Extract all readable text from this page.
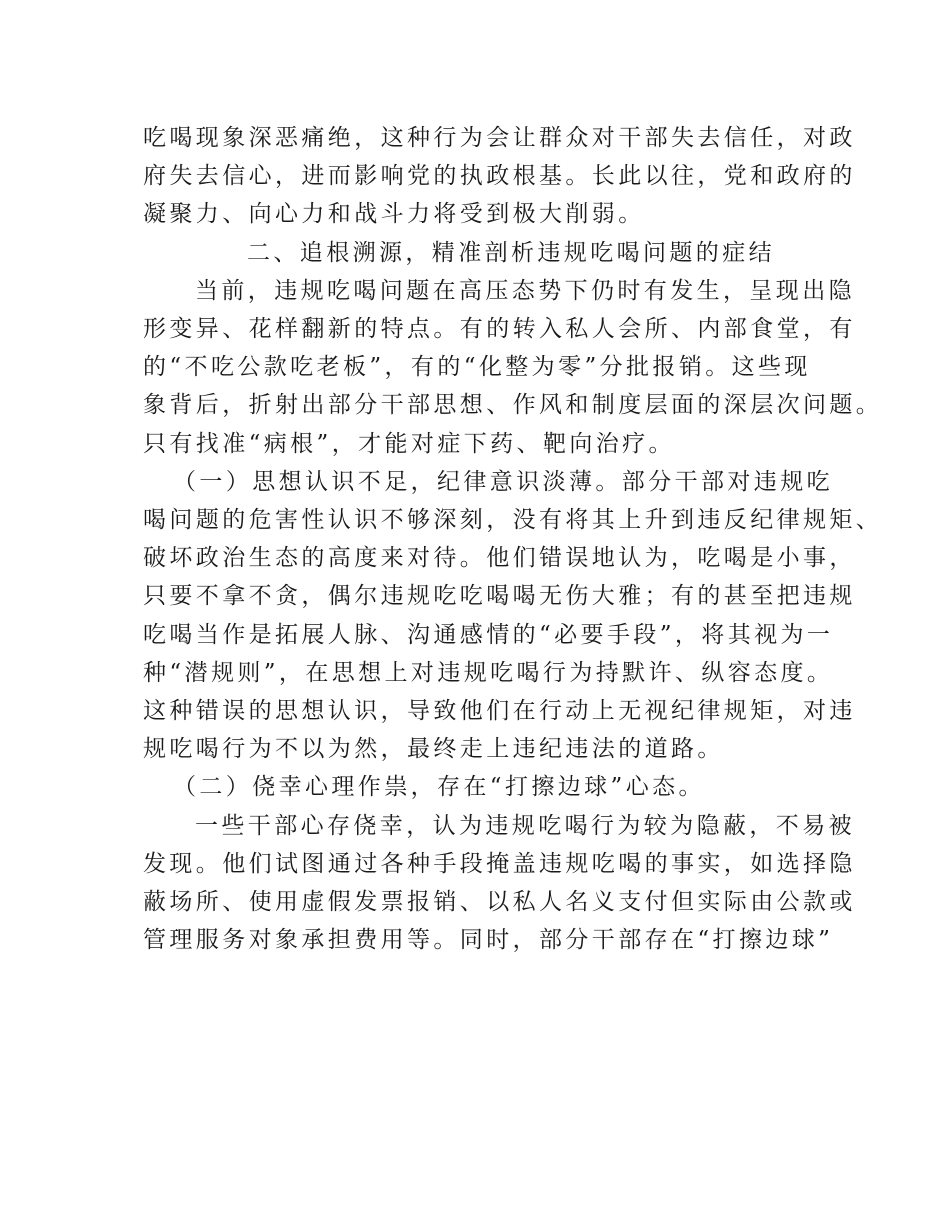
吃喝现象深恶痛绝，这种行为会让群众对干部失去信任，对政
府失去信心，进而影响党的执政根基。长此以往，党和政府的
凝聚力、向心力和战斗力将受到极大削弱。

二、追根溯源，精准剖析违规吃喝问题的症结

当前，违规吃喝问题在高压态势下仍时有发生，呈现出隐
形变异、花样翻新的特点。有的转入私人会所、内部食堂，有
的“不吃公款吃老板”，有的“化整为零”分批报销。这些现
象背后，折射出部分干部思想、作风和制度层面的深层次问题。
只有找准“病根”，才能对症下药、靶向治疗。

（一）思想认识不足，纪律意识淡薄。部分干部对违规吃
喝问题的危害性认识不够深刻，没有将其上升到违反纪律规矩、
破坏政治生态的高度来对待。他们错误地认为，吃喝是小事，
只要不拿不贪，偶尔违规吃吃喝喝无伤大雅；有的甚至把违规
吃喝当作是拓展人脉、沟通感情的“必要手段”，将其视为一
种“潜规则”，在思想上对违规吃喝行为持默许、纵容态度。
这种错误的思想认识，导致他们在行动上无视纪律规矩，对违
规吃喝行为不以为然，最终走上违纪违法的道路。

（二）侥幸心理作祟，存在“打擦边球”心态。

一些干部心存侥幸，认为违规吃喝行为较为隐蔽，不易被
发现。他们试图通过各种手段掩盖违规吃喝的事实，如选择隐
蔽场所、使用虚假发票报销、以私人名义支付但实际由公款或
管理服务对象承担费用等。同时，部分干部存在“打擦边球”
